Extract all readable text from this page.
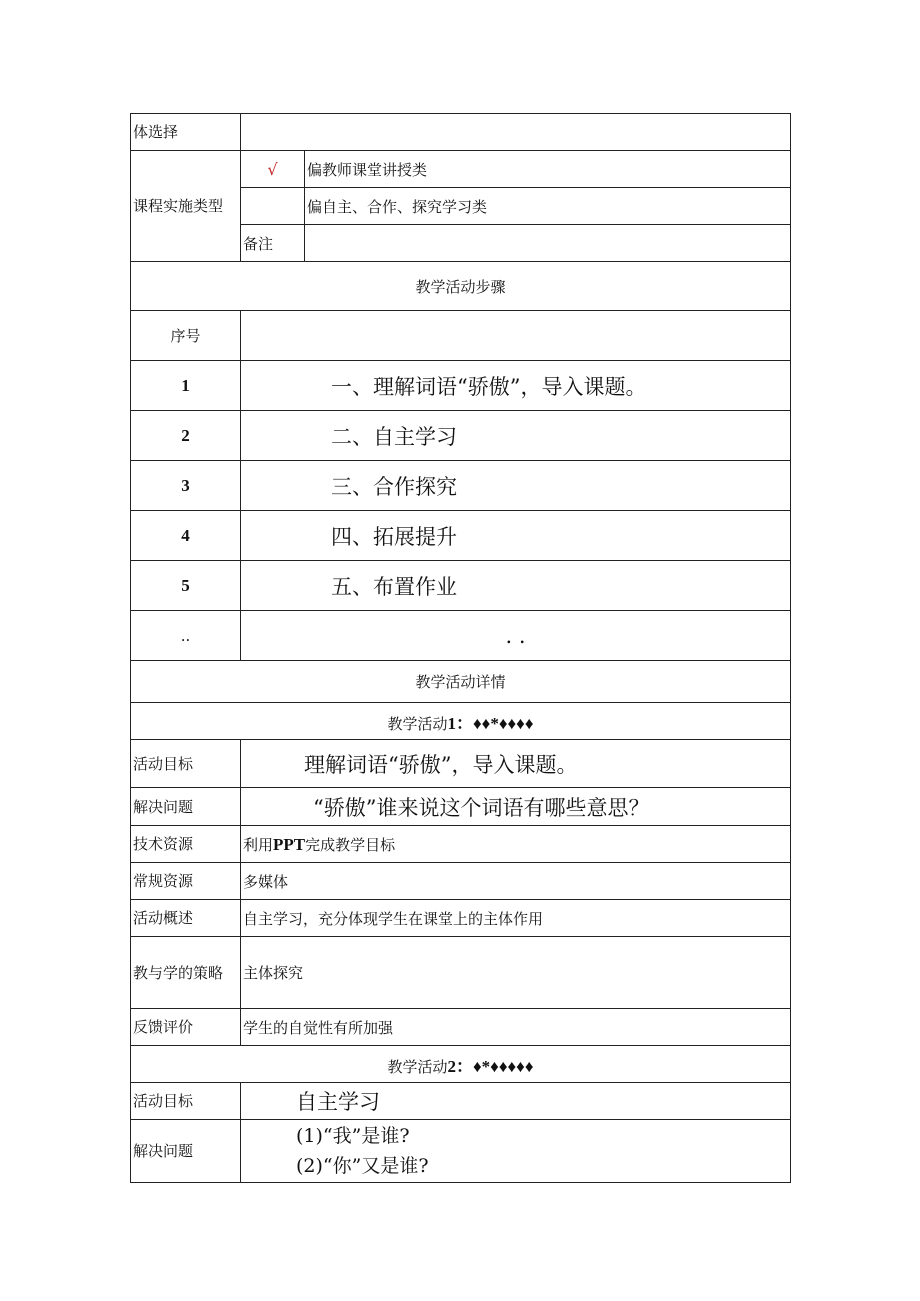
体选择		
课程实施类型	√	偏教师课堂讲授类
		偏自主、合作、探究学习类
	备注	
教学活动步骤		
序号		
1	一、理解词语“骄傲”，导入课题。	
2	二、自主学习	
3	三、合作探究	
4	四、拓展提升	
5	五、布置作业	
..	. .	
教学活动详情		
教学活动1：♦♦*♦♦♦♦		
活动目标	理解词语“骄傲”，导入课题。	
解决问题	“骄傲”谁来说这个词语有哪些意思？	
技术资源	利用PPT完成教学目标	
常规资源	多媒体	
活动概述	自主学习，充分体现学生在课堂上的主体作用	
教与学的策略	主体探究	
反馈评价	学生的自觉性有所加强	
教学活动2：♦*♦♦♦♦♦		
活动目标	自主学习	
解决问题	(1)“我”是谁?
(2)“你”又是谁?	
